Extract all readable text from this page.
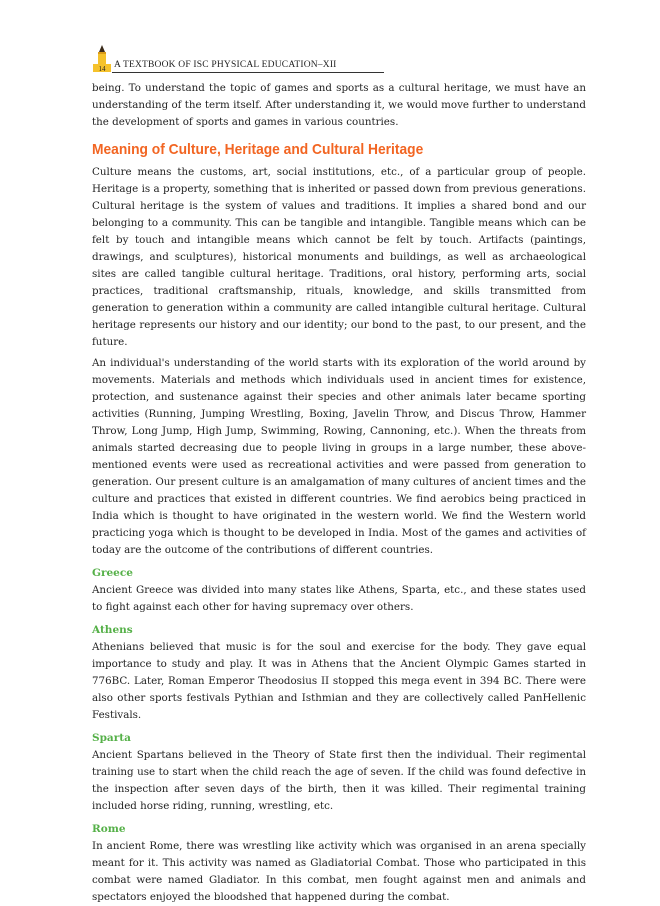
14 A TEXTBOOK OF ISC PHYSICAL EDUCATION–XII

being. To understand the topic of games and sports as a cultural heritage, we must have an understanding of the term itself. After understanding it, we would move further to understand the development of sports and games in various countries.

Meaning of Culture, Heritage and Cultural Heritage

Culture means the customs, art, social institutions, etc., of a particular group of people. Heritage is a property, something that is inherited or passed down from previous generations. Cultural heritage is the system of values and traditions. It implies a shared bond and our belonging to a community. This can be tangible and intangible. Tangible means which can be felt by touch and intangible means which cannot be felt by touch. Artifacts (paintings, drawings, and sculptures), historical monuments and buildings, as well as archaeological sites are called tangible cultural heritage. Traditions, oral history, performing arts, social practices, traditional craftsmanship, rituals, knowledge, and skills transmitted from generation to generation within a community are called intangible cultural heritage. Cultural heritage represents our history and our identity; our bond to the past, to our present, and the future.

An individual's understanding of the world starts with its exploration of the world around by movements. Materials and methods which individuals used in ancient times for existence, protection, and sustenance against their species and other animals later became sporting activities (Running, Jumping Wrestling, Boxing, Javelin Throw, and Discus Throw, Hammer Throw, Long Jump, High Jump, Swimming, Rowing, Cannoning, etc.). When the threats from animals started decreasing due to people living in groups in a large number, these above-mentioned events were used as recreational activities and were passed from generation to generation. Our present culture is an amalgamation of many cultures of ancient times and the culture and practices that existed in different countries. We find aerobics being practiced in India which is thought to have originated in the western world. We find the Western world practicing yoga which is thought to be developed in India. Most of the games and activities of today are the outcome of the contributions of different countries.

Greece

Ancient Greece was divided into many states like Athens, Sparta, etc., and these states used to fight against each other for having supremacy over others.

Athens

Athenians believed that music is for the soul and exercise for the body. They gave equal importance to study and play. It was in Athens that the Ancient Olympic Games started in 776BC. Later, Roman Emperor Theodosius II stopped this mega event in 394 BC. There were also other sports festivals Pythian and Isthmian and they are collectively called PanHellenic Festivals.

Sparta

Ancient Spartans believed in the Theory of State first then the individual. Their regimental training use to start when the child reach the age of seven. If the child was found defective in the inspection after seven days of the birth, then it was killed. Their regimental training included horse riding, running, wrestling, etc.

Rome

In ancient Rome, there was wrestling like activity which was organised in an arena specially meant for it. This activity was named as Gladiatorial Combat. Those who participated in this combat were named Gladiator. In this combat, men fought against men and animals and spectators enjoyed the bloodshed that happened during the combat.
